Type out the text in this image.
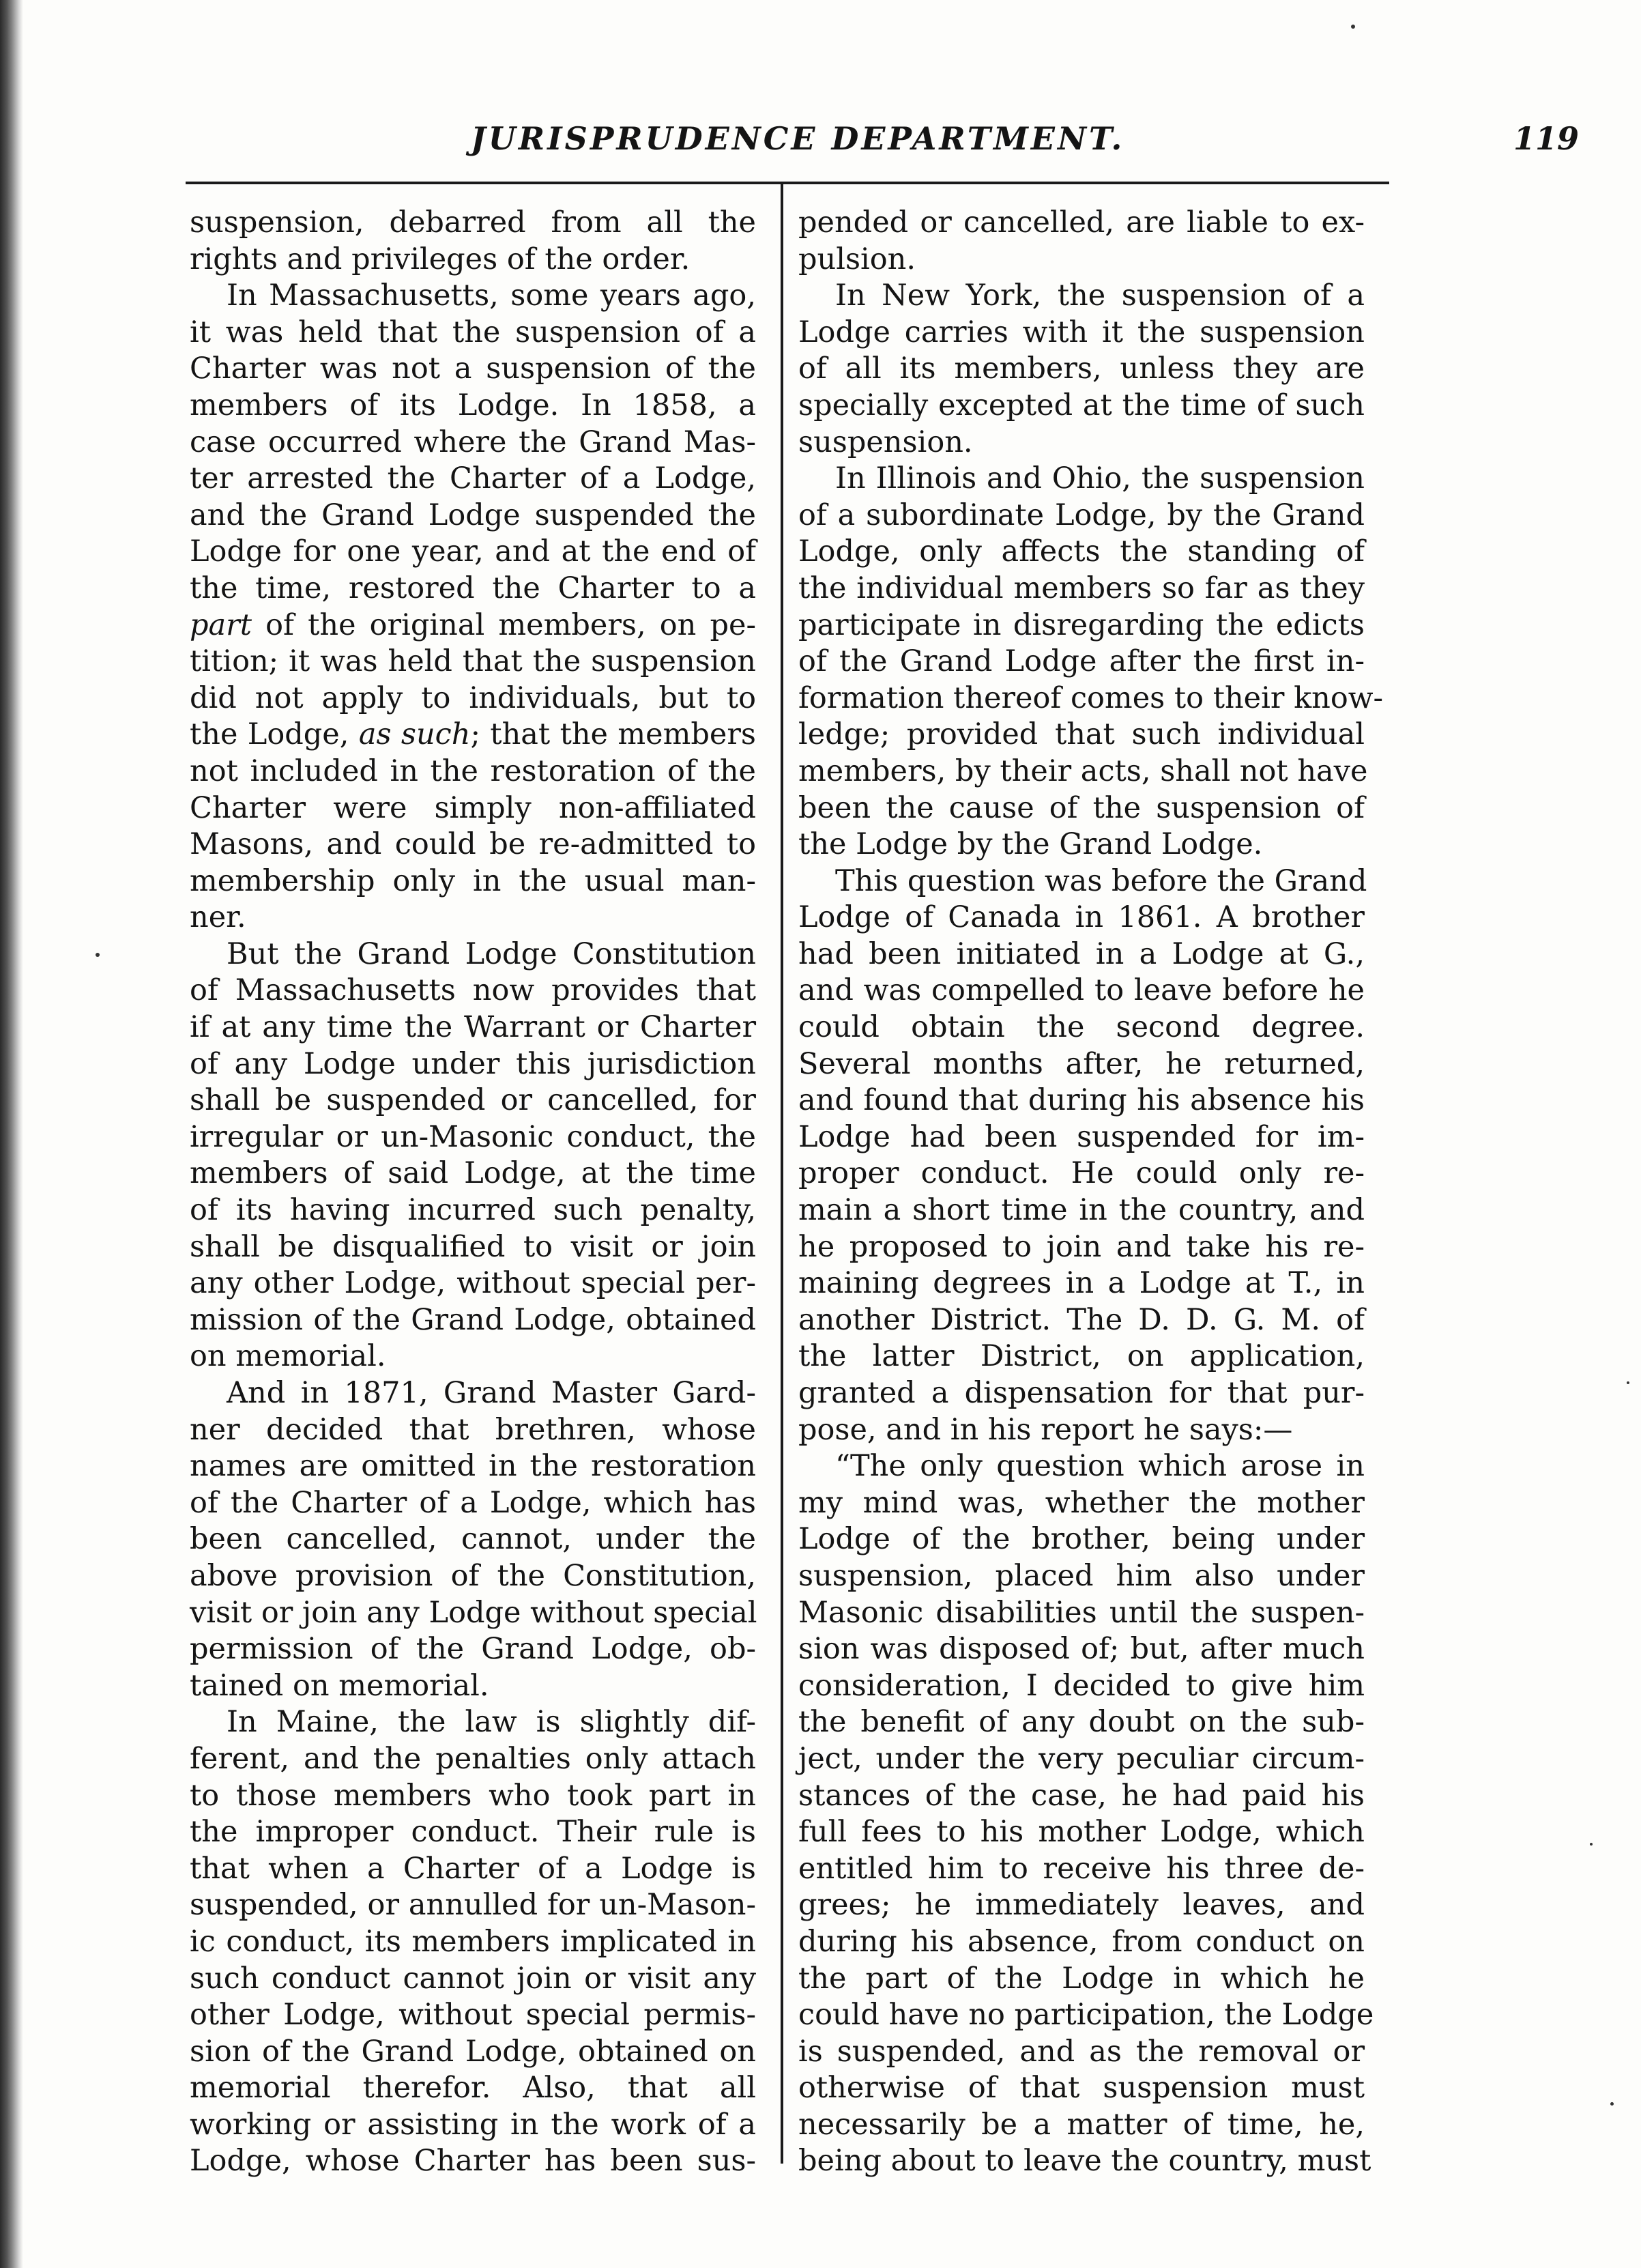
JURISPRUDENCE DEPARTMENT.	119
suspension, debarred from all the
rights and privileges of the order.
In Massachusetts, some years ago,
it was held that the suspension of a
Charter was not a suspension of the
members of its Lodge. In 1858, a
case occurred where the Grand Mas-
ter arrested the Charter of a Lodge,
and the Grand Lodge suspended the
Lodge for one year, and at the end of
the time, restored the Charter to a
part of the original members, on pe-
tition; it was held that the suspension
did not apply to individuals, but to
the Lodge, as such; that the members
not included in the restoration of the
Charter were simply non-affiliated
Masons, and could be re-admitted to
membership only in the usual man-
ner.
But the Grand Lodge Constitution
of Massachusetts now provides that
if at any time the Warrant or Charter
of any Lodge under this jurisdiction
shall be suspended or cancelled, for
irregular or un-Masonic conduct, the
members of said Lodge, at the time
of its having incurred such penalty,
shall be disqualified to visit or join
any other Lodge, without special per-
mission of the Grand Lodge, obtained
on memorial.
And in 1871, Grand Master Gard-
ner decided that brethren, whose
names are omitted in the restoration
of the Charter of a Lodge, which has
been cancelled, cannot, under the
above provision of the Constitution,
visit or join any Lodge without special
permission of the Grand Lodge, ob-
tained on memorial.
In Maine, the law is slightly dif-
ferent, and the penalties only attach
to those members who took part in
the improper conduct. Their rule is
that when a Charter of a Lodge is
suspended, or annulled for un-Mason-
ic conduct, its members implicated in
such conduct cannot join or visit any
other Lodge, without special permis-
sion of the Grand Lodge, obtained on
memorial therefor. Also, that all
working or assisting in the work of a
Lodge, whose Charter has been sus-
pended or cancelled, are liable to ex-
pulsion.
In New York, the suspension of a
Lodge carries with it the suspension
of all its members, unless they are
specially excepted at the time of such
suspension.
In Illinois and Ohio, the suspension
of a subordinate Lodge, by the Grand
Lodge, only affects the standing of
the individual members so far as they
participate in disregarding the edicts
of the Grand Lodge after the first in-
formation thereof comes to their know-
ledge; provided that such individual
members, by their acts, shall not have
been the cause of the suspension of
the Lodge by the Grand Lodge.
This question was before the Grand
Lodge of Canada in 1861. A brother
had been initiated in a Lodge at G.,
and was compelled to leave before he
could obtain the second degree.
Several months after, he returned,
and found that during his absence his
Lodge had been suspended for im-
proper conduct. He could only re-
main a short time in the country, and
he proposed to join and take his re-
maining degrees in a Lodge at T., in
another District. The D. D. G. M. of
the latter District, on application,
granted a dispensation for that pur-
pose, and in his report he says:—
“The only question which arose in
my mind was, whether the mother
Lodge of the brother, being under
suspension, placed him also under
Masonic disabilities until the suspen-
sion was disposed of; but, after much
consideration, I decided to give him
the benefit of any doubt on the sub-
ject, under the very peculiar circum-
stances of the case, he had paid his
full fees to his mother Lodge, which
entitled him to receive his three de-
grees; he immediately leaves, and
during his absence, from conduct on
the part of the Lodge in which he
could have no participation, the Lodge
is suspended, and as the removal or
otherwise of that suspension must
necessarily be a matter of time, he,
being about to leave the country, must
